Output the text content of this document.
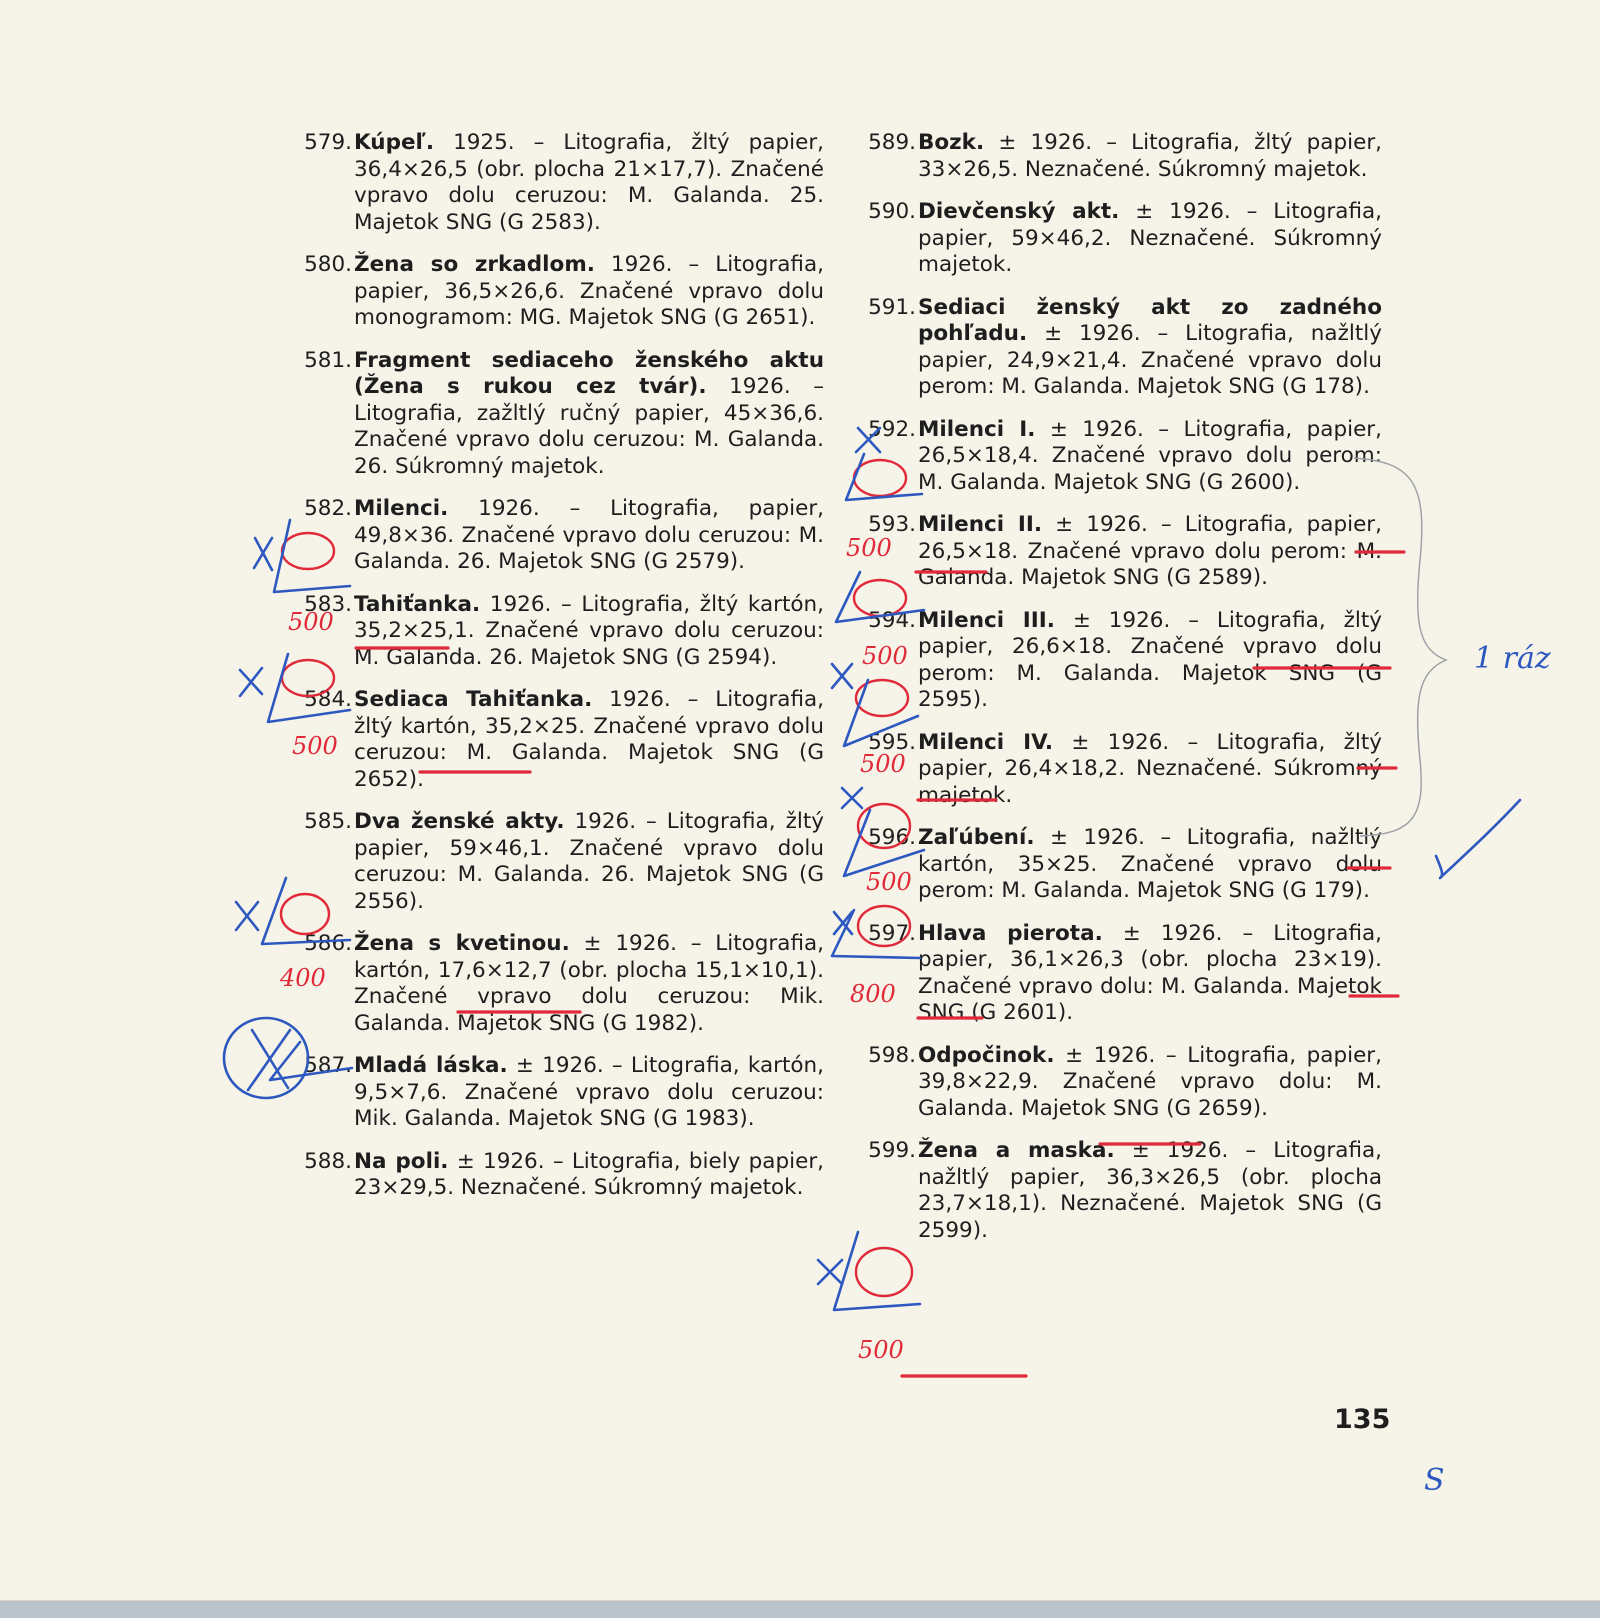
579. Kúpeľ. 1925. – Litografia, žltý papier, 36,4×26,5 (obr. plocha 21×17,7). Značené vpravo dolu ceruzou: M. Galanda. 25. Majetok SNG (G 2583).
580. Žena so zrkadlom. 1926. – Litografia, papier, 36,5×26,6. Značené vpravo dolu monogramom: MG. Majetok SNG (G 2651).
581. Fragment sediaceho ženského aktu (Žena s rukou cez tvár). 1926. – Litografia, zažltlý ručný papier, 45×36,6. Značené vpravo dolu ceruzou: M. Galanda. 26. Súkromný majetok.
582. Milenci. 1926. – Litografia, papier, 49,8×36. Značené vpravo dolu ceruzou: M. Galanda. 26. Majetok SNG (G 2579).
583. Tahiťanka. 1926. – Litografia, žltý kartón, 35,2×25,1. Značené vpravo dolu ceruzou: M. Galanda. 26. Majetok SNG (G 2594).
584. Sediaca Tahiťanka. 1926. – Litografia, žltý kartón, 35,2×25. Značené vpravo dolu ceruzou: M. Galanda. Majetok SNG (G 2652).
585. Dva ženské akty. 1926. – Litografia, žltý papier, 59×46,1. Značené vpravo dolu ceruzou: M. Galanda. 26. Majetok SNG (G 2556).
586. Žena s kvetinou. ± 1926. – Litografia, kartón, 17,6×12,7 (obr. plocha 15,1×10,1). Značené vpravo dolu ceruzou: Mik. Galanda. Majetok SNG (G 1982).
587. Mladá láska. ± 1926. – Litografia, kartón, 9,5×7,6. Značené vpravo dolu ceruzou: Mik. Galanda. Majetok SNG (G 1983).
588. Na poli. ± 1926. – Litografia, biely papier, 23×29,5. Neznačené. Súkromný majetok.
589. Bozk. ± 1926. – Litografia, žltý papier, 33×26,5. Neznačené. Súkromný majetok.
590. Dievčenský akt. ± 1926. – Litografia, papier, 59×46,2. Neznačené. Súkromný majetok.
591. Sediaci ženský akt zo zadného pohľadu. ± 1926. – Litografia, nažltlý papier, 24,9×21,4. Značené vpravo dolu perom: M. Galanda. Majetok SNG (G 178).
592. Milenci I. ± 1926. – Litografia, papier, 26,5×18,4. Značené vpravo dolu perom: M. Galanda. Majetok SNG (G 2600).
593. Milenci II. ± 1926. – Litografia, papier, 26,5×18. Značené vpravo dolu perom: M. Galanda. Majetok SNG (G 2589).
594. Milenci III. ± 1926. – Litografia, žltý papier, 26,6×18. Značené vpravo dolu perom: M. Galanda. Majetok SNG (G 2595).
595. Milenci IV. ± 1926. – Litografia, žltý papier, 26,4×18,2. Neznačené. Súkromný majetok.
596. Zaľúbení. ± 1926. – Litografia, nažltlý kartón, 35×25. Značené vpravo dolu perom: M. Galanda. Majetok SNG (G 179).
597. Hlava pierota. ± 1926. – Litografia, papier, 36,1×26,3 (obr. plocha 23×19). Značené vpravo dolu: M. Galanda. Majetok SNG (G 2601).
598. Odpočinok. ± 1926. – Litografia, papier, 39,8×22,9. Značené vpravo dolu: M. Galanda. Majetok SNG (G 2659).
599. Žena a maska. ± 1926. – Litografia, nažltlý papier, 36,3×26,5 (obr. plocha 23,7×18,1). Neznačené. Majetok SNG (G 2599).
135
500
500
400
500
500
500
500
800
500
1 ráz
S
